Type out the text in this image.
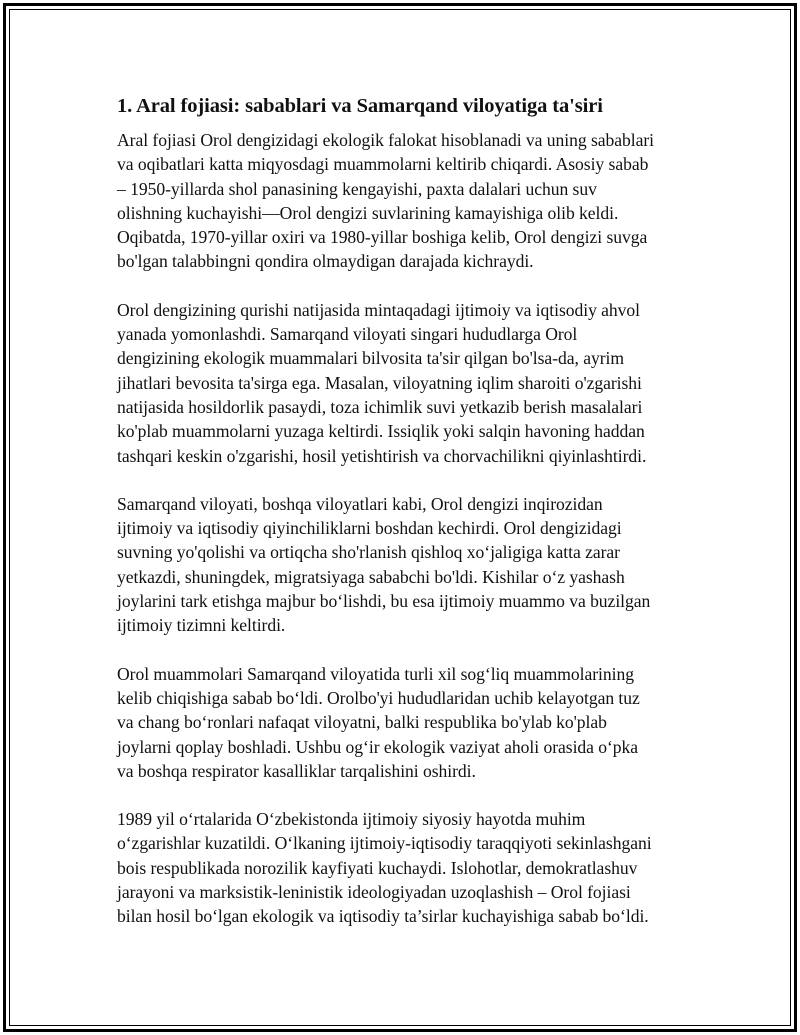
1. Aral fojiasi: sabablari va Samarqand viloyatiga ta'siri

Aral fojiasi Orol dengizidagi ekologik falokat hisoblanadi va uning sabablari
va oqibatlari katta miqyosdagi muammolarni keltirib chiqardi. Asosiy sabab
– 1950-yillarda shol panasining kengayishi, paxta dalalari uchun suv
olishning kuchayishi—Orol dengizi suvlarining kamayishiga olib keldi.
Oqibatda, 1970-yillar oxiri va 1980-yillar boshiga kelib, Orol dengizi suvga
bo'lgan talabbingni qondira olmaydigan darajada kichraydi.

Orol dengizining qurishi natijasida mintaqadagi ijtimoiy va iqtisodiy ahvol
yanada yomonlashdi. Samarqand viloyati singari hududlarga Orol
dengizining ekologik muammalari bilvosita ta'sir qilgan bo'lsa-da, ayrim
jihatlari bevosita ta'sirga ega. Masalan, viloyatning iqlim sharoiti o'zgarishi
natijasida hosildorlik pasaydi, toza ichimlik suvi yetkazib berish masalalari
ko'plab muammolarni yuzaga keltirdi. Issiqlik yoki salqin havoning haddan
tashqari keskin o'zgarishi, hosil yetishtirish va chorvachilikni qiyinlashtirdi.

Samarqand viloyati, boshqa viloyatlari kabi, Orol dengizi inqirozidan
ijtimoiy va iqtisodiy qiyinchiliklarni boshdan kechirdi. Orol dengizidagi
suvning yo'qolishi va ortiqcha sho'rlanish qishloq xo‘jaligiga katta zarar
yetkazdi, shuningdek, migratsiyaga sababchi bo'ldi. Kishilar o‘z yashash
joylarini tark etishga majbur bo‘lishdi, bu esa ijtimoiy muammo va buzilgan
ijtimoiy tizimni keltirdi.

Orol muammolari Samarqand viloyatida turli xil sog‘liq muammolarining
kelib chiqishiga sabab bo‘ldi. Orolbo'yi hududlaridan uchib kelayotgan tuz
va chang bo‘ronlari nafaqat viloyatni, balki respublika bo'ylab ko'plab
joylarni qoplay boshladi. Ushbu og‘ir ekologik vaziyat aholi orasida o‘pka
va boshqa respirator kasalliklar tarqalishini oshirdi.

1989 yil o‘rtalarida O‘zbekistonda ijtimoiy siyosiy hayotda muhim
o‘zgarishlar kuzatildi. O‘lkaning ijtimoiy-iqtisodiy taraqqiyoti sekinlashgani
bois respublikada norozilik kayfiyati kuchaydi. Islohotlar, demokratlashuv
jarayoni va marksistik-leninistik ideologiyadan uzoqlashish – Orol fojiasi
bilan hosil bo‘lgan ekologik va iqtisodiy ta’sirlar kuchayishiga sabab bo‘ldi.
